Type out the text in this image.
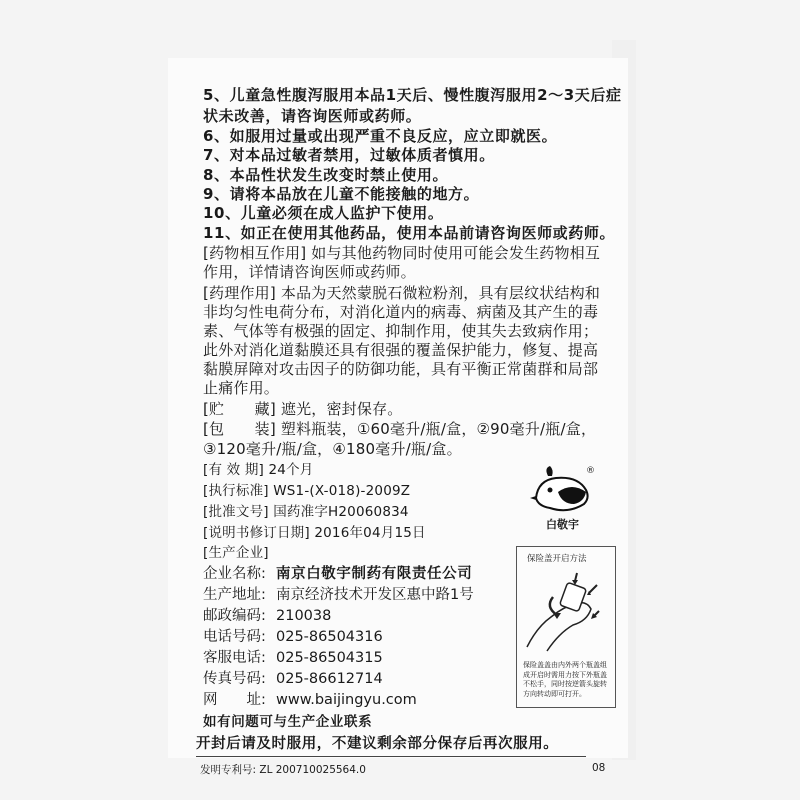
5、儿童急性腹泻服用本品1天后、慢性腹泻服用2～3天后症
状未改善，请咨询医师或药师。
6、如服用过量或出现严重不良反应，应立即就医。
7、对本品过敏者禁用，过敏体质者慎用。
8、本品性状发生改变时禁止使用。
9、请将本品放在儿童不能接触的地方。
10、儿童必须在成人监护下使用。
11、如正在使用其他药品，使用本品前请咨询医师或药师。
[药物相互作用] 如与其他药物同时使用可能会发生药物相互
作用，详情请咨询医师或药师。
[药理作用] 本品为天然蒙脱石微粒粉剂，具有层纹状结构和
非均匀性电荷分布，对消化道内的病毒、病菌及其产生的毒
素、气体等有极强的固定、抑制作用，使其失去致病作用；
此外对消化道黏膜还具有很强的覆盖保护能力，修复、提高
黏膜屏障对攻击因子的防御功能，具有平衡正常菌群和局部
止痛作用。
[贮　　藏] 遮光，密封保存。
[包　　装] 塑料瓶装，①60毫升/瓶/盒，②90毫升/瓶/盒，
③120毫升/瓶/盒，④180毫升/瓶/盒。
[有 效 期] 24个月
[执行标准] WS1-(X-018)-2009Z
[批准文号] 国药准字H20060834
[说明书修订日期] 2016年04月15日
[生产企业]
企业名称: 南京白敬宇制药有限责任公司
生产地址: 南京经济技术开发区惠中路1号
邮政编码: 210038
电话号码: 025-86504316
客服电话: 025-86504315
传真号码: 025-86612714
网　　址: www.baijingyu.com
如有问题可与生产企业联系
开封后请及时服用，不建议剩余部分保存后再次服用。
发明专利号: ZL 200710025564.0	08
®
白敬宇
保险盖开启方法
保险盖盖由内外两个瓶盖组成开启时需用力按下外瓶盖不松手，同时按逆箭头旋转方向转动即可打开。
